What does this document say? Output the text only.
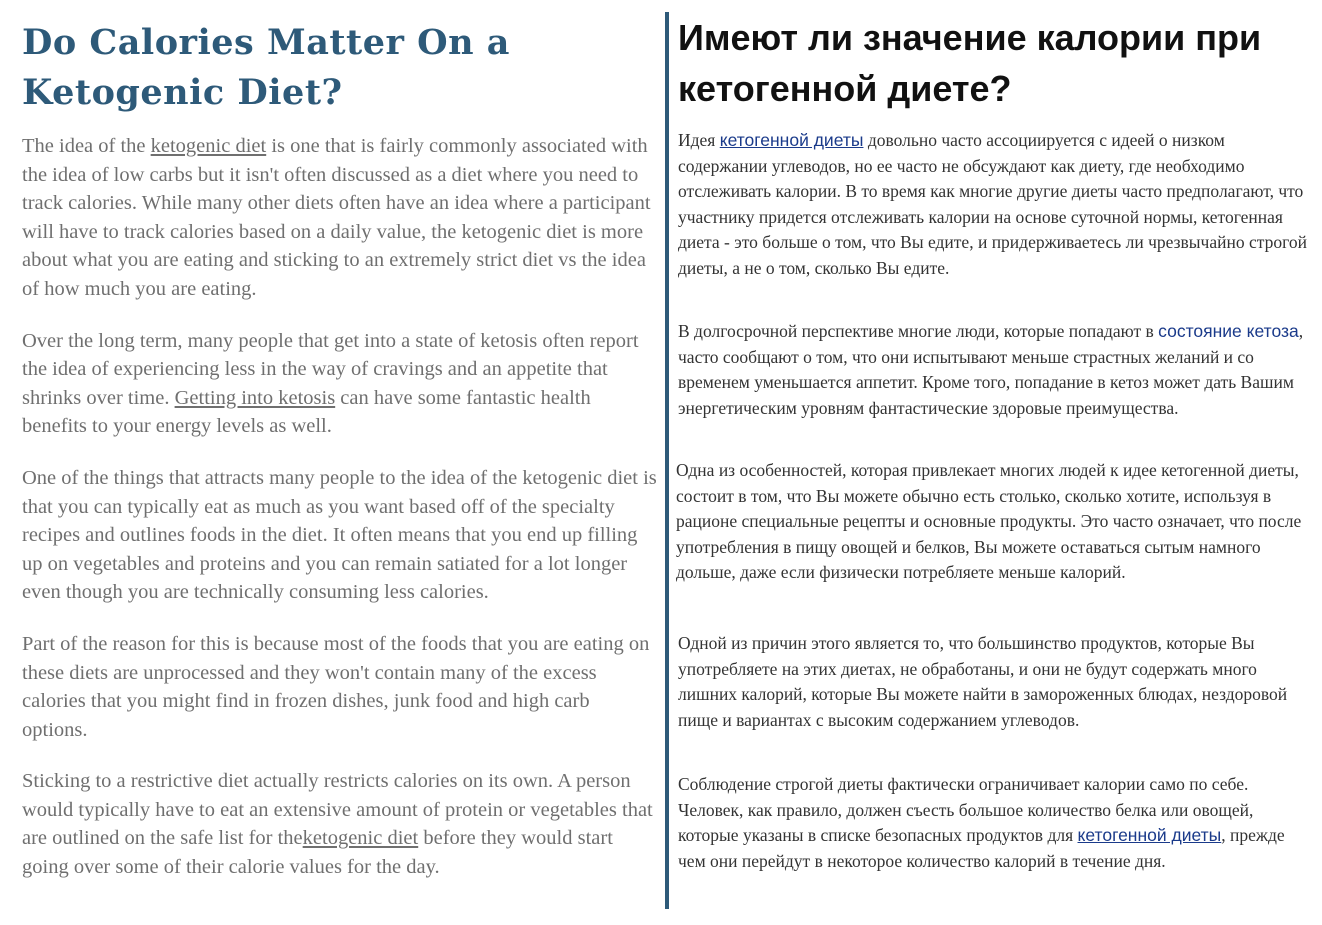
Do Calories Matter On a Ketogenic Diet?

The idea of the ketogenic diet is one that is fairly commonly associated with the idea of low carbs but it isn't often discussed as a diet where you need to track calories. While many other diets often have an idea where a participant will have to track calories based on a daily value, the ketogenic diet is more about what you are eating and sticking to an extremely strict diet vs the idea of how much you are eating.

Over the long term, many people that get into a state of ketosis often report the idea of experiencing less in the way of cravings and an appetite that shrinks over time. Getting into ketosis can have some fantastic health benefits to your energy levels as well.

One of the things that attracts many people to the idea of the ketogenic diet is that you can typically eat as much as you want based off of the specialty recipes and outlines foods in the diet. It often means that you end up filling up on vegetables and proteins and you can remain satiated for a lot longer even though you are technically consuming less calories.

Part of the reason for this is because most of the foods that you are eating on these diets are unprocessed and they won't contain many of the excess calories that you might find in frozen dishes, junk food and high carb options.

Sticking to a restrictive diet actually restricts calories on its own. A person would typically have to eat an extensive amount of protein or vegetables that are outlined on the safe list for theketogenic diet before they would start going over some of their calorie values for the day.

Имеют ли значение калории при кетогенной диете?

Идея кетогенной диеты довольно часто ассоциируется с идеей о низком содержании углеводов, но ее часто не обсуждают как диету, где необходимо отслеживать калории. В то время как многие другие диеты часто предполагают, что участнику придется отслеживать калории на основе суточной нормы, кетогенная диета - это больше о том, что Вы едите, и придерживаетесь ли чрезвычайно строгой диеты, а не о том, сколько Вы едите.

В долгосрочной перспективе многие люди, которые попадают в состояние кетоза, часто сообщают о том, что они испытывают меньше страстных желаний и со временем уменьшается аппетит. Кроме того, попадание в кетоз может дать Вашим энергетическим уровням фантастические здоровые преимущества.

Одна из особенностей, которая привлекает многих людей к идее кетогенной диеты, состоит в том, что Вы можете обычно есть столько, сколько хотите, используя в рационе специальные рецепты и основные продукты. Это часто означает, что после употребления в пищу овощей и белков, Вы можете оставаться сытым намного дольше, даже если физически потребляете меньше калорий.

Одной из причин этого является то, что большинство продуктов, которые Вы употребляете на этих диетах, не обработаны, и они не будут содержать много лишних калорий, которые Вы можете найти в замороженных блюдах, нездоровой пище и вариантах с высоким содержанием углеводов.

Соблюдение строгой диеты фактически ограничивает калории само по себе. Человек, как правило, должен съесть большое количество белка или овощей, которые указаны в списке безопасных продуктов для кетогенной диеты, прежде чем они перейдут в некоторое количество калорий в течение дня.
